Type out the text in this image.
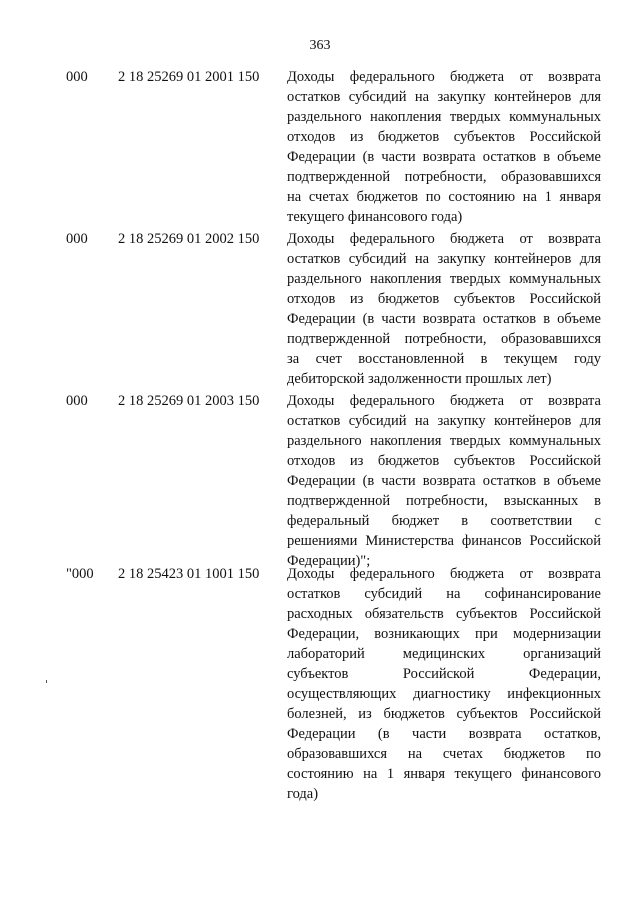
363
000 2 18 25269 01 2001 150 Доходы федерального бюджета от возврата
остатков субсидий на закупку контейнеров для
раздельного накопления твердых коммунальных
отходов из бюджетов субъектов Российской
Федерации (в части возврата остатков в объеме
подтвержденной потребности, образовавшихся
на счетах бюджетов по состоянию на 1 января
текущего финансового года)
000 2 18 25269 01 2002 150 Доходы федерального бюджета от возврата
остатков субсидий на закупку контейнеров для
раздельного накопления твердых коммунальных
отходов из бюджетов субъектов Российской
Федерации (в части возврата остатков в объеме
подтвержденной потребности, образовавшихся
за счет восстановленной в текущем году
дебиторской задолженности прошлых лет)
000 2 18 25269 01 2003 150 Доходы федерального бюджета от возврата
остатков субсидий на закупку контейнеров для
раздельного накопления твердых коммунальных
отходов из бюджетов субъектов Российской
Федерации (в части возврата остатков в объеме
подтвержденной потребности, взысканных в
федеральный бюджет в соответствии с
решениями Министерства финансов Российской
Федерации)";
"000 2 18 25423 01 1001 150 Доходы федерального бюджета от возврата
остатков субсидий на софинансирование
расходных обязательств субъектов Российской
Федерации, возникающих при модернизации
лабораторий медицинских организаций
субъектов Российской Федерации,
осуществляющих диагностику инфекционных
болезней, из бюджетов субъектов Российской
Федерации (в части возврата остатков,
образовавшихся на счетах бюджетов по
состоянию на 1 января текущего финансового
года)
